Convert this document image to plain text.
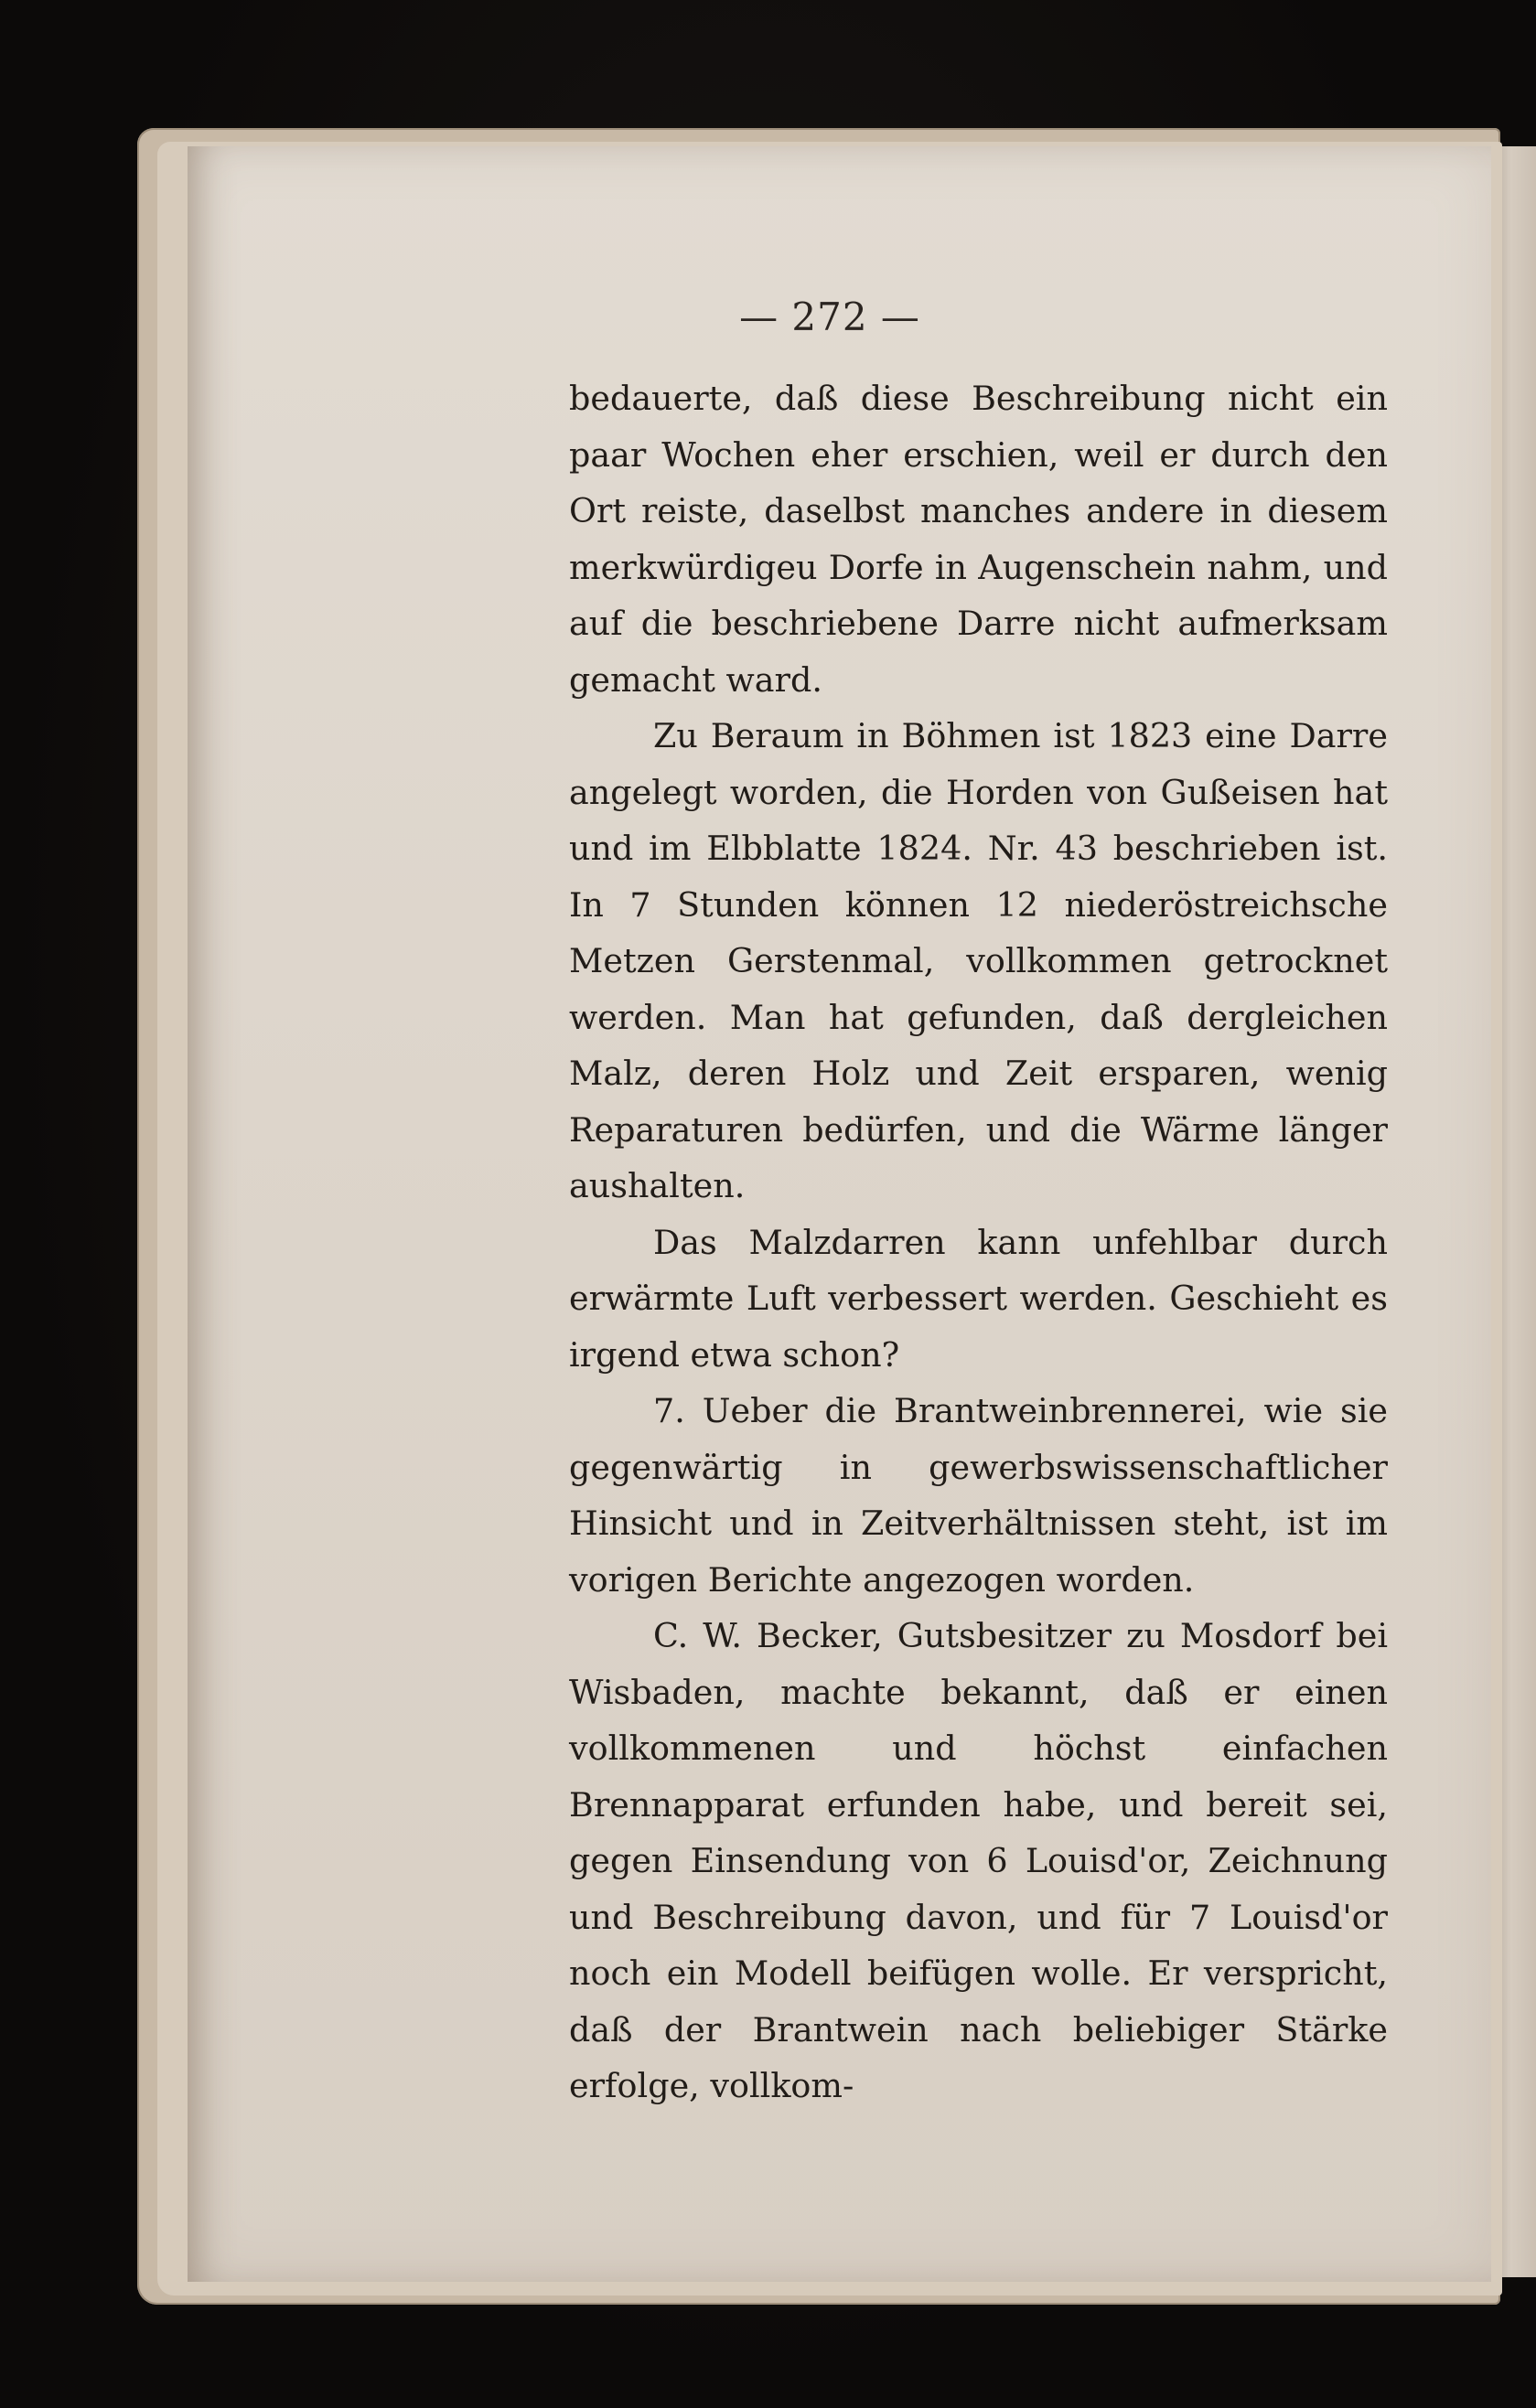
— 272 —

bedauerte, daß diese Beschreibung nicht ein paar Wochen eher erschien, weil er durch den Ort reiste, daselbst manches andere in diesem merkwürdigeu Dorfe in Augenschein nahm, und auf die beschriebene Darre nicht aufmerksam gemacht ward.

Zu Beraum in Böhmen ist 1823 eine Darre angelegt worden, die Horden von Gußeisen hat und im Elbblatte 1824. Nr. 43 beschrieben ist. In 7 Stunden können 12 niederöstreichsche Metzen Gerstenmal, vollkommen getrocknet werden. Man hat gefunden, daß dergleichen Malz, deren Holz und Zeit ersparen, wenig Reparaturen bedürfen, und die Wärme länger aushalten.

Das Malzdarren kann unfehlbar durch erwärmte Luft verbessert werden. Geschieht es irgend etwa schon?

7. Ueber die Brantweinbrennerei, wie sie gegenwärtig in gewerbswissenschaftlicher Hinsicht und in Zeitverhältnissen steht, ist im vorigen Berichte angezogen worden.

C. W. Becker, Gutsbesitzer zu Mosdorf bei Wisbaden, machte bekannt, daß er einen vollkommenen und höchst einfachen Brennapparat erfunden habe, und bereit sei, gegen Einsendung von 6 Louisd'or, Zeichnung und Beschreibung davon, und für 7 Louisd'or noch ein Modell beifügen wolle. Er verspricht, daß der Brantwein nach beliebiger Stärke erfolge, vollkom-
